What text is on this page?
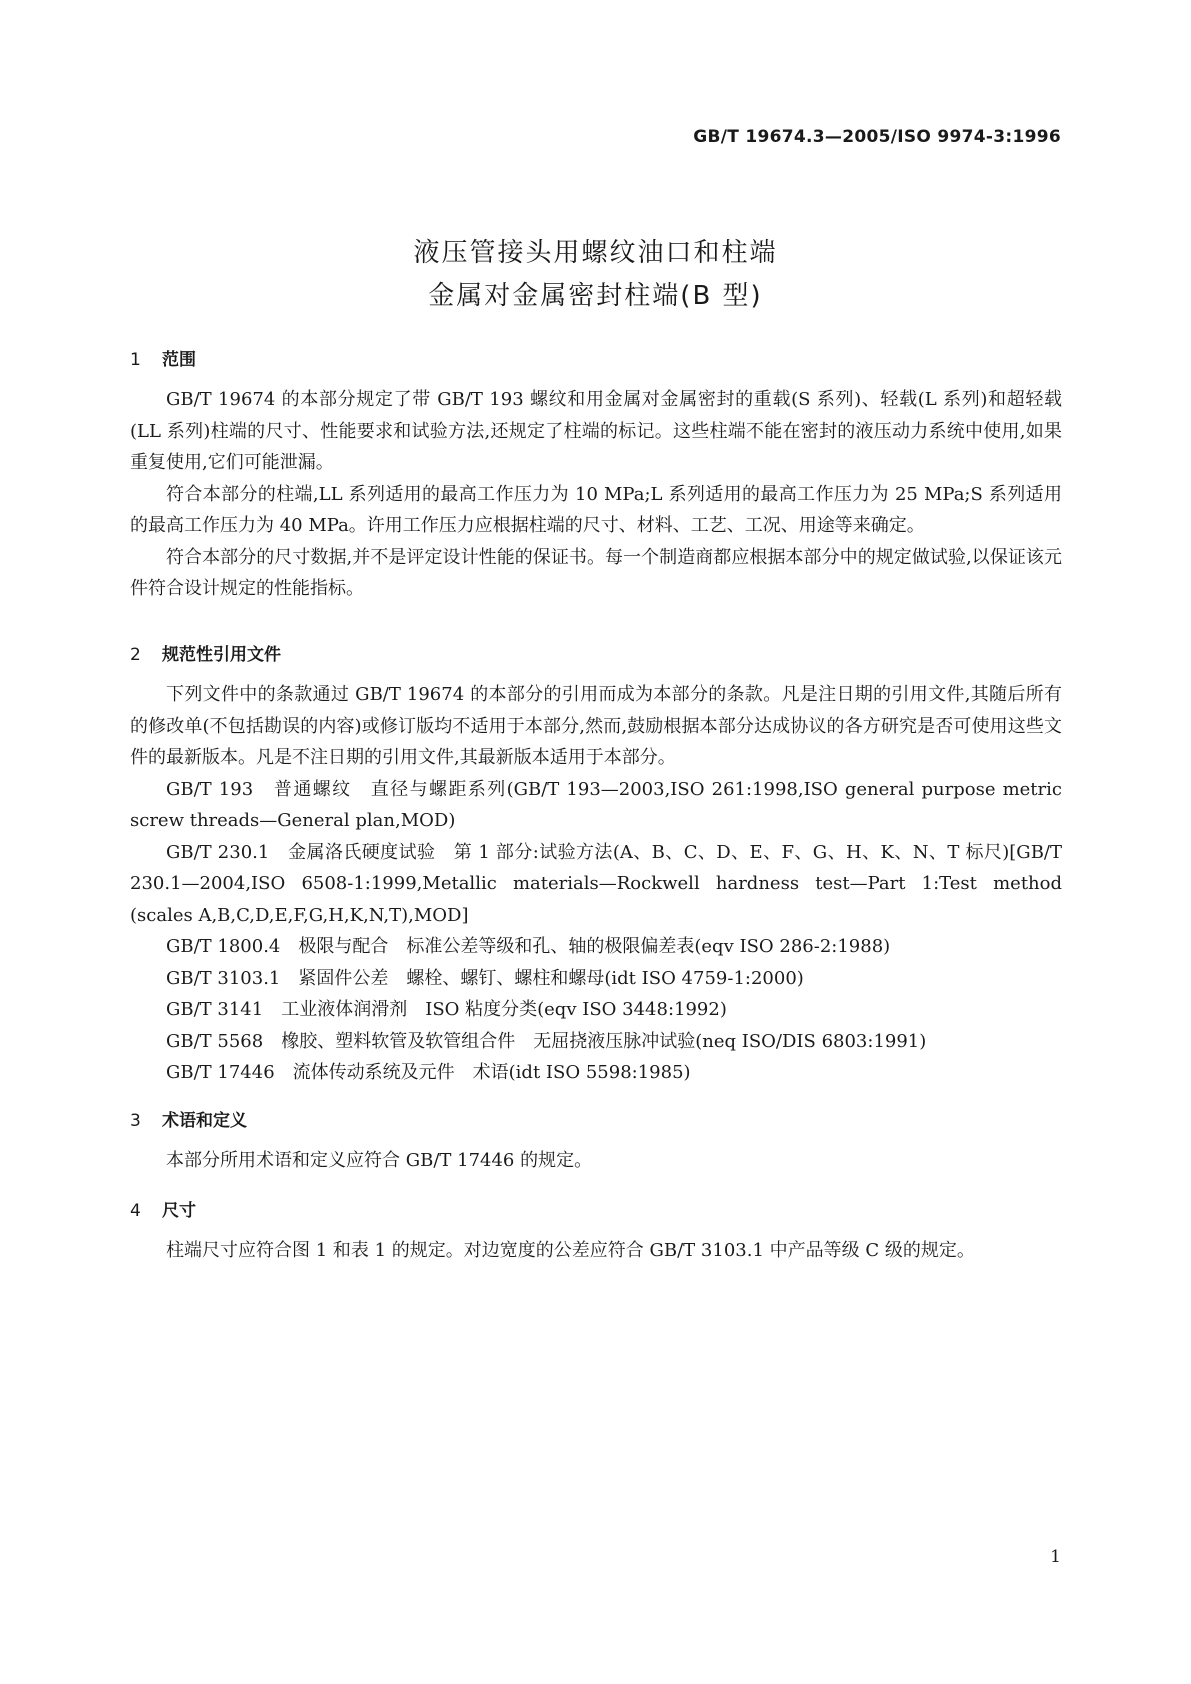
GB/T 19674.3—2005/ISO 9974-3:1996
液压管接头用螺纹油口和柱端
金属对金属密封柱端(B 型)
1 范围

GB/T 19674 的本部分规定了带 GB/T 193 螺纹和用金属对金属密封的重载(S 系列)、轻载(L 系列)和超轻载(LL 系列)柱端的尺寸、性能要求和试验方法,还规定了柱端的标记。这些柱端不能在密封的液压动力系统中使用,如果重复使用,它们可能泄漏。

符合本部分的柱端,LL 系列适用的最高工作压力为 10 MPa;L 系列适用的最高工作压力为 25 MPa;S 系列适用的最高工作压力为 40 MPa。许用工作压力应根据柱端的尺寸、材料、工艺、工况、用途等来确定。

符合本部分的尺寸数据,并不是评定设计性能的保证书。每一个制造商都应根据本部分中的规定做试验,以保证该元件符合设计规定的性能指标。

2 规范性引用文件

下列文件中的条款通过 GB/T 19674 的本部分的引用而成为本部分的条款。凡是注日期的引用文件,其随后所有的修改单(不包括勘误的内容)或修订版均不适用于本部分,然而,鼓励根据本部分达成协议的各方研究是否可使用这些文件的最新版本。凡是不注日期的引用文件,其最新版本适用于本部分。

GB/T 193　普通螺纹　直径与螺距系列(GB/T 193—2003,ISO 261:1998,ISO general purpose metric screw threads—General plan,MOD)

GB/T 230.1　金属洛氏硬度试验　第 1 部分:试验方法(A、B、C、D、E、F、G、H、K、N、T 标尺)[GB/T 230.1—2004,ISO 6508-1:1999,Metallic materials—Rockwell hardness test—Part 1:Test method (scales A,B,C,D,E,F,G,H,K,N,T),MOD]

GB/T 1800.4　极限与配合　标准公差等级和孔、轴的极限偏差表(eqv ISO 286-2:1988)

GB/T 3103.1　紧固件公差　螺栓、螺钉、螺柱和螺母(idt ISO 4759-1:2000)

GB/T 3141　工业液体润滑剂　ISO 粘度分类(eqv ISO 3448:1992)

GB/T 5568　橡胶、塑料软管及软管组合件　无屈挠液压脉冲试验(neq ISO/DIS 6803:1991)

GB/T 17446　流体传动系统及元件　术语(idt ISO 5598:1985)

3 术语和定义

本部分所用术语和定义应符合 GB/T 17446 的规定。

4 尺寸

柱端尺寸应符合图 1 和表 1 的规定。对边宽度的公差应符合 GB/T 3103.1 中产品等级 C 级的规定。

1
